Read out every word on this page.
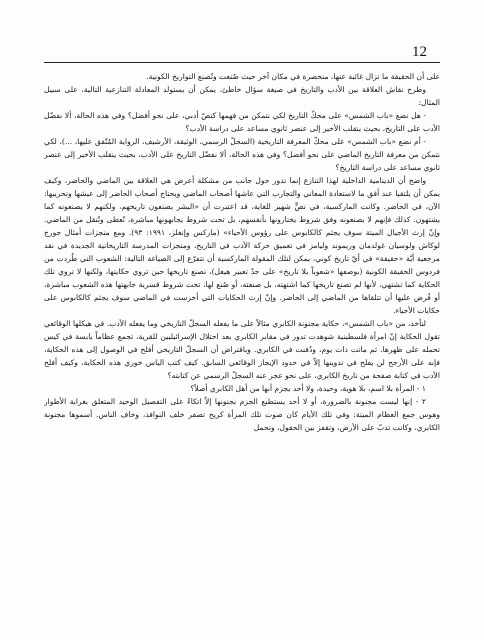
12

على أن الحقيقة ما تزال غائبة عنها، منحصرة في مكان آخر حيث صُنعت وتُصنع التواريخ الكونية.

وطرح نقاش العلاقة بين الأدب والتاريخ في صيغة سؤال خاطئ، يمكن أن يستولد المعادلة التنازعية التالية، على سبيل المثال:

- هل نضع «باب الشمس» على محكّ التاريخ لكي نتمكن من فهمها كنصّ أدبي، على نحو أفضل؟ وفي هذه الحالة، ألا نفضّل الأدب على التاريخ، بحيث ينقلب الأخير إلى عنصر ثانوي مساعد على دراسة الأدب؟

- أم نضع «باب الشمس» على محكّ المعرفة التاريخية (السجلّ الرسمي، الوثيقة، الأرشيف، الرواية المُتّفق عليها، ...)، لكي نتمكن من معرفة التاريخ الماضي على نحو أفضل؟ وفي هذه الحالة، ألا نفضّل التاريخ على الأدب، بحيث ينقلب الأخير إلى عنصر ثانوي مساعد على دراسة التاريخ؟

واضح أن الدينامية الداخلية لهذا التنازع إنما تدور حول جانب من مشكلة أعرض هي العلاقة بين الماضي والحاضر، وكيف يمكن أن يلتقيا عند أفق ما لاستعادة المعاني والتجارب التي عاشها أصحاب الماضي ويحتاج أصحاب الحاضر إلى عيشها وتحريبها: الآن، في الحاضر. وكانت الماركسية، في نصٍّ شهير للغاية، قد اعتبرت أن «البشر يصنعون تاريخهم، ولكنهم لا يصنعونه كما يشتهون. كذلك فإنهم لا يصنعونه وفق شروط يختارونها بأنفسهم، بل تحت شروط يجابهونها مباشرة، تُعطى وتُنقل من الماضي. وإنّ إرث الأجيال الميتة سوف يجثم كالكابوس على رؤوس الأحياء» (ماركس وإنغلز، ١٩٩١: ٩٣). ومع منجزات أمثال جورج لوكاش ولوسيان غولدمان وريموند وليامز في تعميق حركة الأدب في التاريخ، ومنجزات المدرسة التاريخانية الجديدة في نقد مرجعية أيّة «حقيقة» في أيّ تاريخ كوني، يمكن لتلك المقولة الماركسية أن تتفرّع إلى الصياغة التالية: الشعوب التي طُردت من فردوس الحقيقة الكونية (بوصفها «شعوباً بلا تاريخ» على حدّ تعبير هيغل)، تصنع تاريخها حين تروي حكايتها، ولكنها لا تروي تلك الحكاية كما تشتهي، لأنها لم تصنع تاريخها كما اشتهته، بل صنعته، أو صُنع لها، تحت شروط قسرية جابهتها هذه الشعوب مباشرة، أو فُرض عليها أن تتلقاها من الماضي إلى الحاضر. وإنّ إرث الحكايات التي أخرست في الماضي سوف يجثم كالكابوس على حكايات الأحياء.

لنأخذ، من «باب الشمس»، حكاية مجنونة الكابري مثالاً على ما يفعله السجلّ التاريخي وما يفعله الأدب. في هيكلها الوقائعي تقول الحكاية إنّ امرأة فلسطينية شوهدت تدور في مقابر الكابري بعد احتلال الإسرائيليين للقرية، تجمع عظاماً يابسة في كيس تحمله على ظهرها. ثم ماتت ذات يوم، ودُفنت في الكابري. وباقتراض أن السجلّ التاريخي أفلح في الوصول إلى هذه الحكاية، فإنه على الأرجح لن يفلح في تدوينها إلاّ في حدود الإيجاز الوقائعي السابق. كيف كتب الياس خوري هذه الحكاية، وكيف أفلح الأدب في كتابة صفحة من تاريخ الكابري، على نحو عجز عنه السجلّ الرسمي عن كتابته؟

١ - المرأة بلا اسم، بلا هوية، وحيدة، ولا أحد يجزم أنها من أهل الكابري أصلاً؟

٢ - إنها ليست مجنونة بالضرورة، أو لا أحد يستطيع الجزم بجنونها إلاّ اتكاءً على التفصيل الوحيد المتعلق بغرابة الأطوار وهوس جمع العظام الميتة: وفي تلك الأيام كان صوت تلك المرأة كريح تصفر خلف النوافذ، وخاف الناس. أسموها مجنونة الكابري، وكانت تدبّ على الأرض، وتقفز بين الحقول، وتحمل
